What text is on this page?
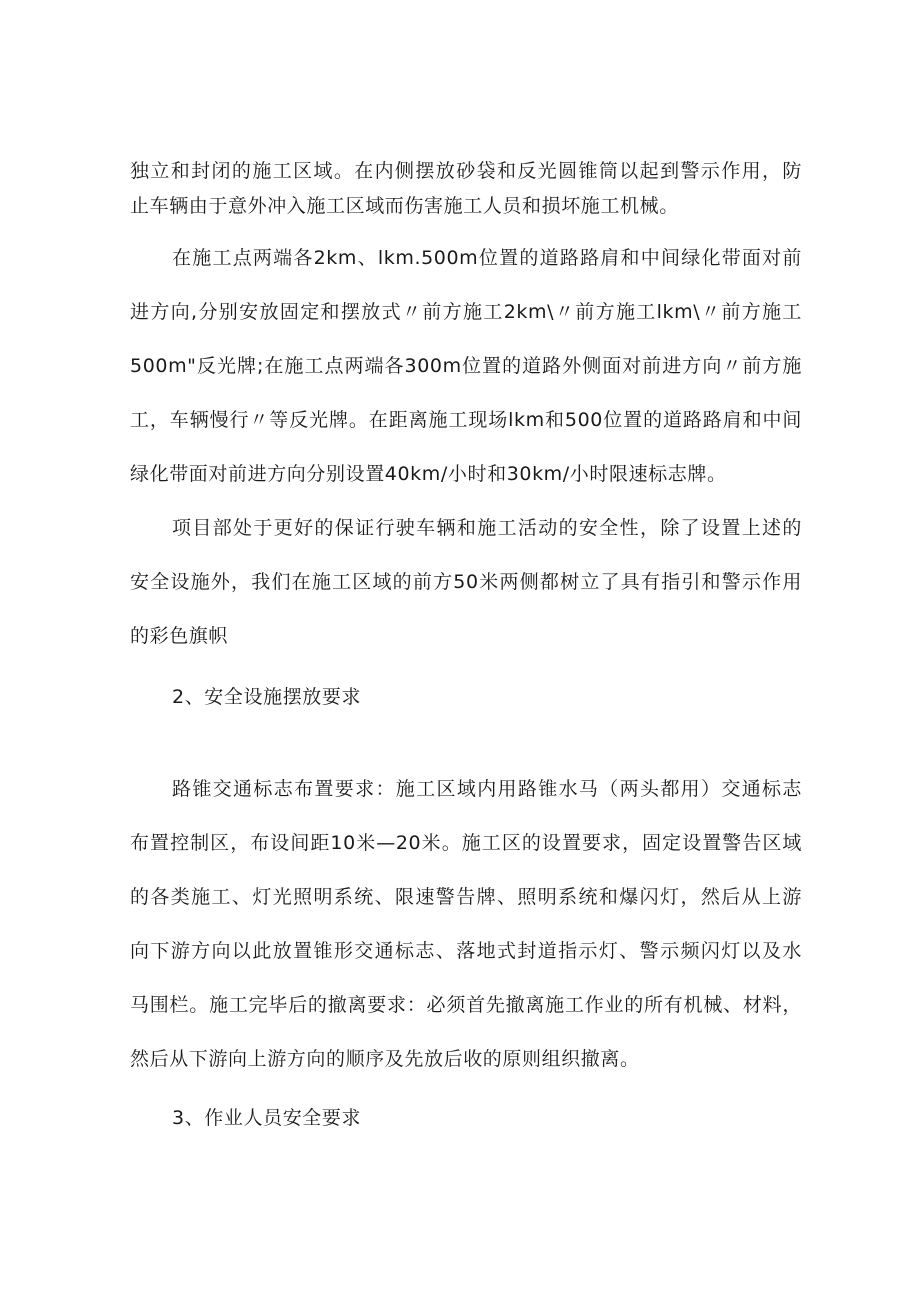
独立和封闭的施工区域。在内侧摆放砂袋和反光圆锥筒以起到警示作用，防
止车辆由于意外冲入施工区域而伤害施工人员和损坏施工机械。
在施工点两端各2km、lkm.500m位置的道路路肩和中间绿化带面对前
进方向,分别安放固定和摆放式〃前方施工2km\〃前方施工lkm\〃前方施工
500m"反光牌;在施工点两端各300m位置的道路外侧面对前进方向〃前方施
工，车辆慢行〃等反光牌。在距离施工现场lkm和500位置的道路路肩和中间
绿化带面对前进方向分别设置40km/小时和30km/小时限速标志牌。
项目部处于更好的保证行驶车辆和施工活动的安全性，除了设置上述的
安全设施外，我们在施工区域的前方50米两侧都树立了具有指引和警示作用
的彩色旗帜
2、安全设施摆放要求
路锥交通标志布置要求：施工区域内用路锥水马（两头都用）交通标志
布置控制区，布设间距10米—20米。施工区的设置要求，固定设置警告区域
的各类施工、灯光照明系统、限速警告牌、照明系统和爆闪灯，然后从上游
向下游方向以此放置锥形交通标志、落地式封道指示灯、警示频闪灯以及水
马围栏。施工完毕后的撤离要求：必须首先撤离施工作业的所有机械、材料，
然后从下游向上游方向的顺序及先放后收的原则组织撤离。
3、作业人员安全要求
